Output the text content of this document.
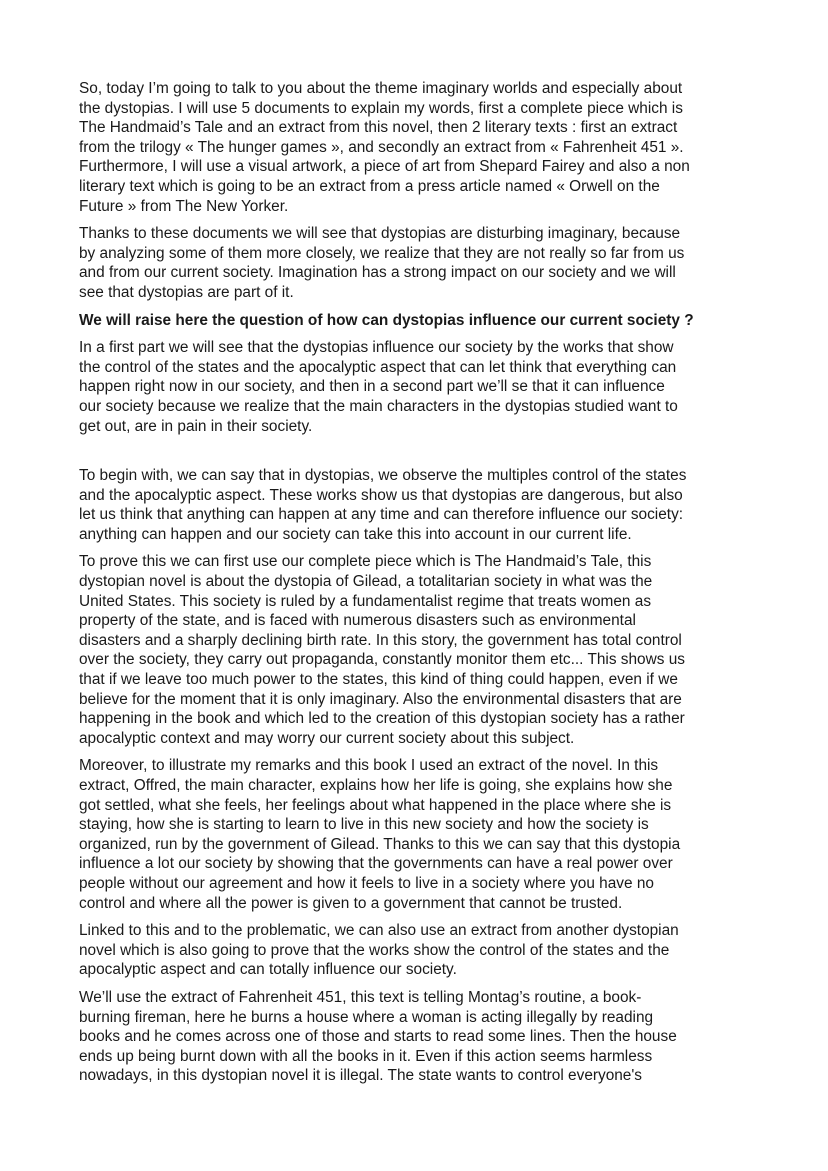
So, today I’m going to talk to you about the theme imaginary worlds and especially about
the dystopias. I will use 5 documents to explain my words, first a complete piece which is
The Handmaid’s Tale and an extract from this novel, then 2 literary texts : first an extract
from the trilogy « The hunger games », and secondly an extract from « Fahrenheit 451 ».
Furthermore, I will use a visual artwork, a piece of art from Shepard Fairey and also a non
literary text which is going to be an extract from a press article named « Orwell on the
Future » from The New Yorker.

Thanks to these documents we will see that dystopias are disturbing imaginary, because
by analyzing some of them more closely, we realize that they are not really so far from us
and from our current society. Imagination has a strong impact on our society and we will
see that dystopias are part of it.

We will raise here the question of how can dystopias influence our current society ?

In a first part we will see that the dystopias influence our society by the works that show
the control of the states and the apocalyptic aspect that can let think that everything can
happen right now in our society, and then in a second part we’ll se that it can influence
our society because we realize that the main characters in the dystopias studied want to
get out, are in pain in their society.

To begin with, we can say that in dystopias, we observe the multiples control of the states
and the apocalyptic aspect. These works show us that dystopias are dangerous, but also
let us think that anything can happen at any time and can therefore influence our society:
anything can happen and our society can take this into account in our current life.

To prove this we can first use our complete piece which is The Handmaid’s Tale, this
dystopian novel is about the dystopia of Gilead, a totalitarian society in what was the
United States. This society is ruled by a fundamentalist regime that treats women as
property of the state, and is faced with numerous disasters such as environmental
disasters and a sharply declining birth rate. In this story, the government has total control
over the society, they carry out propaganda, constantly monitor them etc... This shows us
that if we leave too much power to the states, this kind of thing could happen, even if we
believe for the moment that it is only imaginary. Also the environmental disasters that are
happening in the book and which led to the creation of this dystopian society has a rather
apocalyptic context and may worry our current society about this subject.

Moreover, to illustrate my remarks and this book I used an extract of the novel. In this
extract, Offred, the main character, explains how her life is going, she explains how she
got settled, what she feels, her feelings about what happened in the place where she is
staying, how she is starting to learn to live in this new society and how the society is
organized, run by the government of Gilead. Thanks to this we can say that this dystopia
influence a lot our society by showing that the governments can have a real power over
people without our agreement and how it feels to live in a society where you have no
control and where all the power is given to a government that cannot be trusted.

Linked to this and to the problematic, we can also use an extract from another dystopian
novel which is also going to prove that the works show the control of the states and the
apocalyptic aspect and can totally influence our society.

We’ll use the extract of Fahrenheit 451, this text is telling Montag’s routine, a book-
burning fireman, here he burns a house where a woman is acting illegally by reading
books and he comes across one of those and starts to read some lines. Then the house
ends up being burnt down with all the books in it. Even if this action seems harmless
nowadays, in this dystopian novel it is illegal. The state wants to control everyone's
